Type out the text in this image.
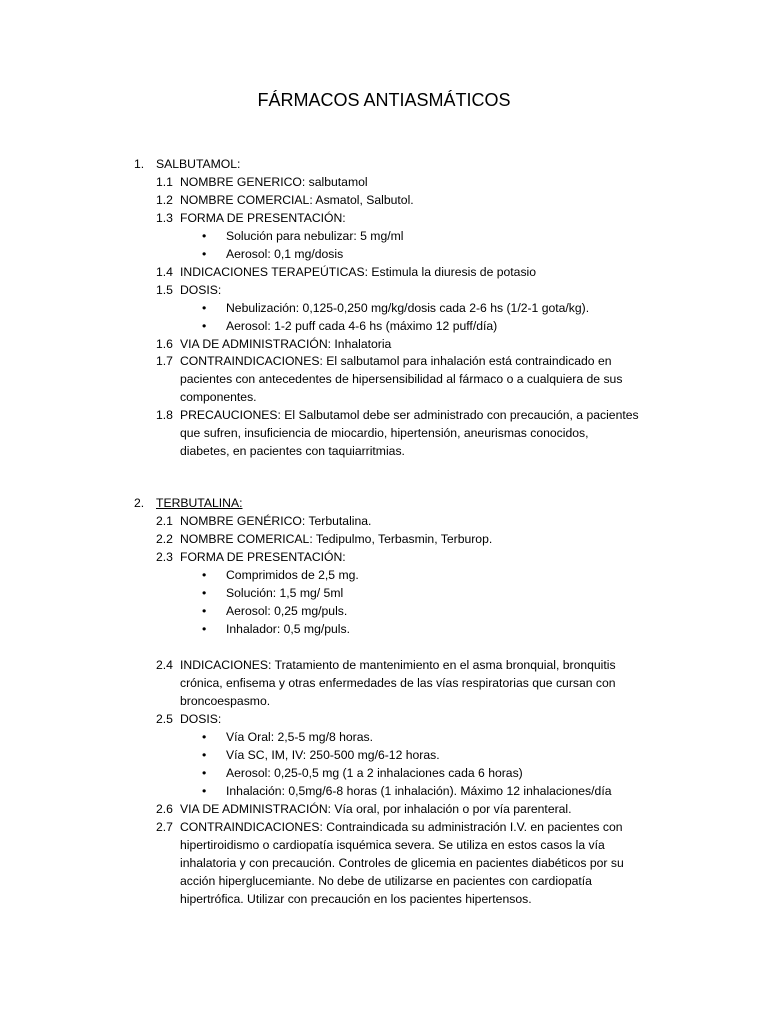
FÁRMACOS ANTIASMÁTICOS
1. SALBUTAMOL:
1.1 NOMBRE GENERICO: salbutamol
1.2 NOMBRE COMERCIAL: Asmatol, Salbutol.
1.3 FORMA DE PRESENTACIÓN:
• Solución para nebulizar: 5 mg/ml
• Aerosol: 0,1 mg/dosis
1.4 INDICACIONES TERAPEÚTICAS: Estimula la diuresis de potasio
1.5 DOSIS:
• Nebulización: 0,125-0,250 mg/kg/dosis cada 2-6 hs (1/2-1 gota/kg).
• Aerosol: 1-2 puff cada 4-6 hs (máximo 12 puff/día)
1.6 VIA DE ADMINISTRACIÓN: Inhalatoria
1.7 CONTRAINDICACIONES: El salbutamol para inhalación está contraindicado en
pacientes con antecedentes de hipersensibilidad al fármaco o a cualquiera de sus
componentes.
1.8 PRECAUCIONES: El Salbutamol debe ser administrado con precaución, a pacientes
que sufren, insuficiencia de miocardio, hipertensión, aneurismas conocidos,
diabetes, en pacientes con taquiarritmias.
2. TERBUTALINA:
2.1 NOMBRE GENÉRICO: Terbutalina.
2.2 NOMBRE COMERICAL: Tedipulmo, Terbasmin, Terburop.
2.3 FORMA DE PRESENTACIÓN:
• Comprimidos de 2,5 mg.
• Solución: 1,5 mg/ 5ml
• Aerosol: 0,25 mg/puls.
• Inhalador: 0,5 mg/puls.
2.4 INDICACIONES: Tratamiento de mantenimiento en el asma bronquial, bronquitis
crónica, enfisema y otras enfermedades de las vías respiratorias que cursan con
broncoespasmo.
2.5 DOSIS:
• Vía Oral: 2,5-5 mg/8 horas.
• Vía SC, IM, IV: 250-500 mg/6-12 horas.
• Aerosol: 0,25-0,5 mg (1 a 2 inhalaciones cada 6 horas)
• Inhalación: 0,5mg/6-8 horas (1 inhalación). Máximo 12 inhalaciones/día
2.6 VIA DE ADMINISTRACIÓN: Vía oral, por inhalación o por vía parenteral.
2.7 CONTRAINDICACIONES: Contraindicada su administración I.V. en pacientes con
hipertiroidismo o cardiopatía isquémica severa. Se utiliza en estos casos la vía
inhalatoria y con precaución. Controles de glicemia en pacientes diabéticos por su
acción hiperglucemiante. No debe de utilizarse en pacientes con cardiopatía
hipertrófica. Utilizar con precaución en los pacientes hipertensos.
